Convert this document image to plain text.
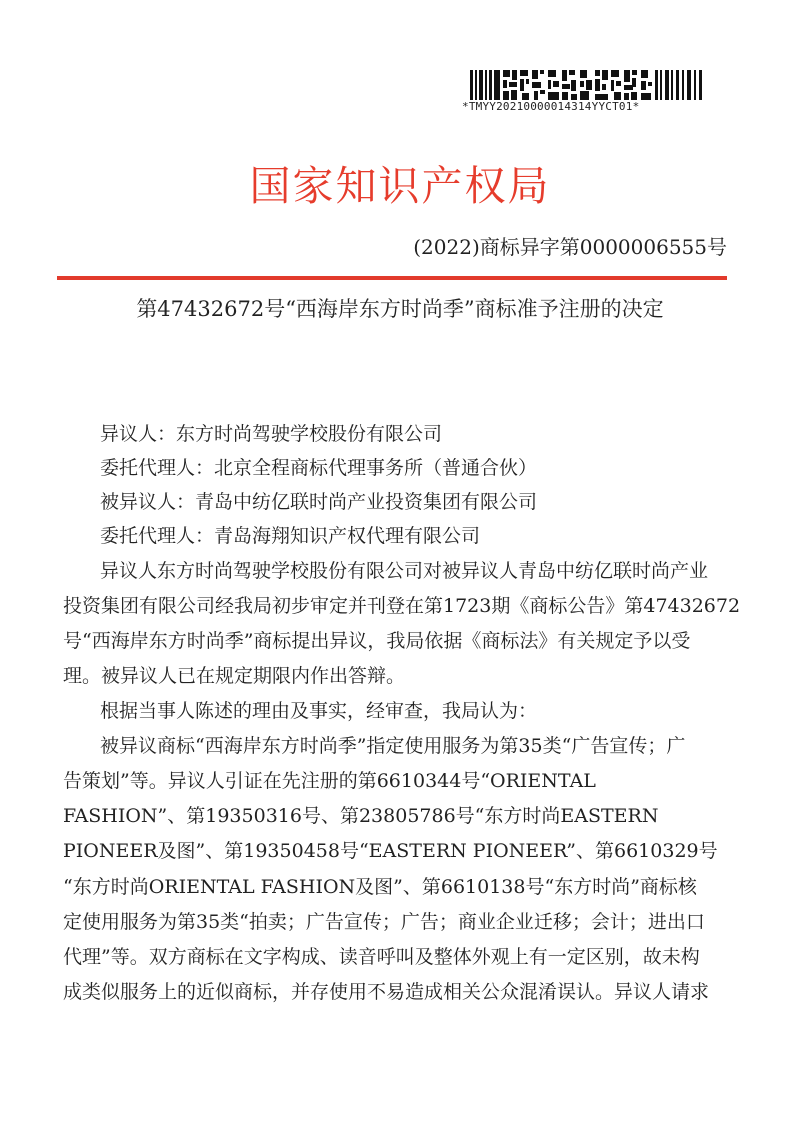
*TMYY20210000014314YYCT01*
国家知识产权局
(2022)商标异字第0000006555号
第47432672号“西海岸东方时尚季”商标准予注册的决定
异议人：东方时尚驾驶学校股份有限公司
委托代理人：北京全程商标代理事务所（普通合伙）
被异议人：青岛中纺亿联时尚产业投资集团有限公司
委托代理人：青岛海翔知识产权代理有限公司
异议人东方时尚驾驶学校股份有限公司对被异议人青岛中纺亿联时尚产业
投资集团有限公司经我局初步审定并刊登在第1723期《商标公告》第47432672
号“西海岸东方时尚季”商标提出异议，我局依据《商标法》有关规定予以受
理。被异议人已在规定期限内作出答辩。
根据当事人陈述的理由及事实，经审查，我局认为：
被异议商标“西海岸东方时尚季”指定使用服务为第35类“广告宣传；广
告策划”等。异议人引证在先注册的第6610344号“ORIENTAL
FASHION”、第19350316号、第23805786号“东方时尚EASTERN
PIONEER及图”、第19350458号“EASTERN PIONEER”、第6610329号
“东方时尚ORIENTAL FASHION及图”、第6610138号“东方时尚”商标核
定使用服务为第35类“拍卖；广告宣传；广告；商业企业迁移；会计；进出口
代理”等。双方商标在文字构成、读音呼叫及整体外观上有一定区别，故未构
成类似服务上的近似商标，并存使用不易造成相关公众混淆误认。异议人请求
